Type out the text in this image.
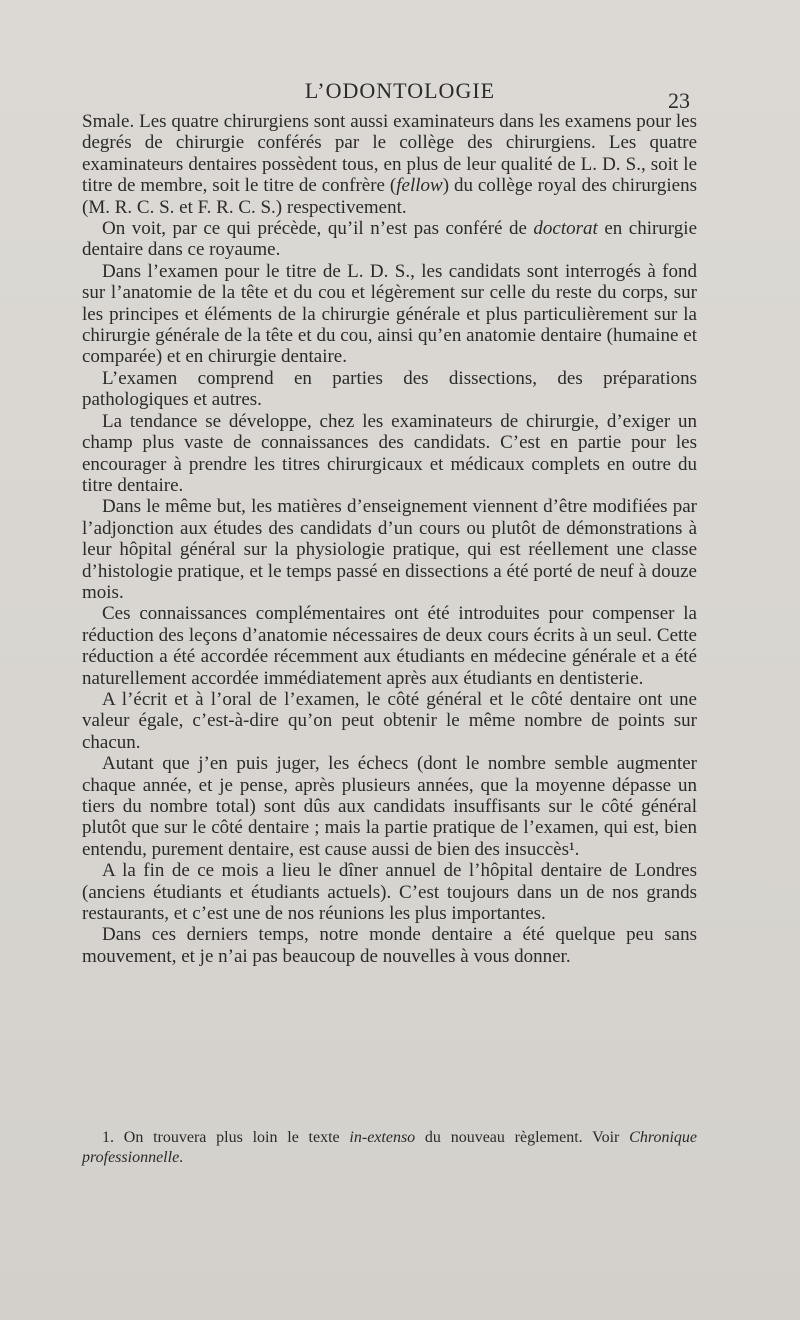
L’ODONTOLOGIE	23

Smale. Les quatre chirurgiens sont aussi examinateurs dans les examens pour les degrés de chirurgie conférés par le collège des chirurgiens. Les quatre examinateurs dentaires possèdent tous, en plus de leur qualité de L. D. S., soit le titre de membre, soit le titre de confrère (fellow) du collège royal des chirurgiens (M. R. C. S. et F. R. C. S.) respectivement.

On voit, par ce qui précède, qu’il n’est pas conféré de doctorat en chirurgie dentaire dans ce royaume.

Dans l’examen pour le titre de L. D. S., les candidats sont interrogés à fond sur l’anatomie de la tête et du cou et légèrement sur celle du reste du corps, sur les principes et éléments de la chirurgie générale et plus particulièrement sur la chirurgie générale de la tête et du cou, ainsi qu’en anatomie dentaire (humaine et comparée) et en chirurgie dentaire.

L’examen comprend en parties des dissections, des préparations pathologiques et autres.

La tendance se développe, chez les examinateurs de chirurgie, d’exiger un champ plus vaste de connaissances des candidats. C’est en partie pour les encourager à prendre les titres chirurgicaux et médicaux complets en outre du titre dentaire.

Dans le même but, les matières d’enseignement viennent d’être modifiées par l’adjonction aux études des candidats d’un cours ou plutôt de démonstrations à leur hôpital général sur la physiologie pratique, qui est réellement une classe d’histologie pratique, et le temps passé en dissections a été porté de neuf à douze mois.

Ces connaissances complémentaires ont été introduites pour compenser la réduction des leçons d’anatomie nécessaires de deux cours écrits à un seul. Cette réduction a été accordée récemment aux étudiants en médecine générale et a été naturellement accordée immédiatement après aux étudiants en dentisterie.

A l’écrit et à l’oral de l’examen, le côté général et le côté dentaire ont une valeur égale, c’est-à-dire qu’on peut obtenir le même nombre de points sur chacun.

Autant que j’en puis juger, les échecs (dont le nombre semble augmenter chaque année, et je pense, après plusieurs années, que la moyenne dépasse un tiers du nombre total) sont dûs aux candidats insuffisants sur le côté général plutôt que sur le côté dentaire ; mais la partie pratique de l’examen, qui est, bien entendu, purement dentaire, est cause aussi de bien des insuccès¹.

A la fin de ce mois a lieu le dîner annuel de l’hôpital dentaire de Londres (anciens étudiants et étudiants actuels). C’est toujours dans un de nos grands restaurants, et c’est une de nos réunions les plus importantes.

Dans ces derniers temps, notre monde dentaire a été quelque peu sans mouvement, et je n’ai pas beaucoup de nouvelles à vous donner.

1. On trouvera plus loin le texte in-extenso du nouveau règlement. Voir Chronique professionnelle.
